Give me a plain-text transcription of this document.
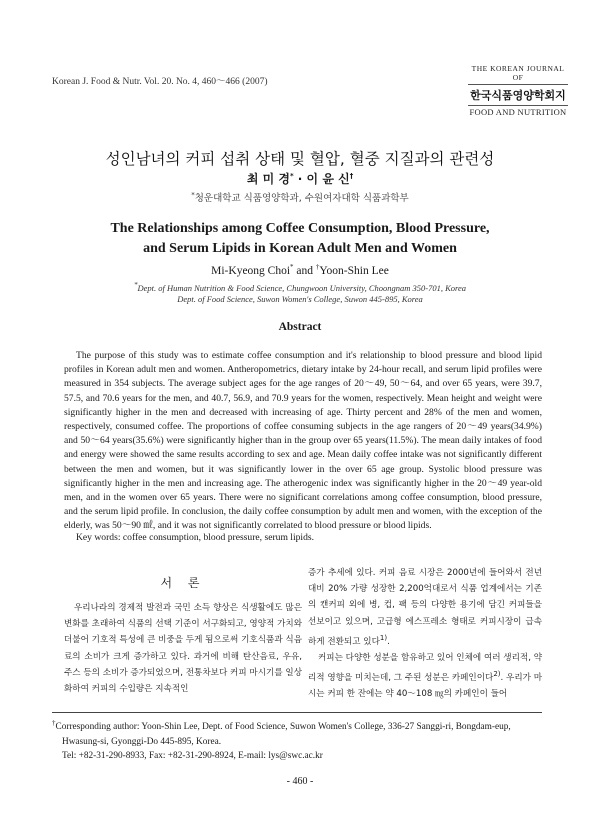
Korean J. Food & Nutr. Vol. 20. No. 4, 460～466 (2007)
THE KOREAN JOURNAL OF
한국식품영양학회지
FOOD AND NUTRITION
성인남녀의 커피 섭취 상태 및 혈압, 혈중 지질과의 관련성
최 미 경* · 이 윤 신†
*청운대학교 식품영양학과, 수원여자대학 식품과학부
The Relationships among Coffee Consumption, Blood Pressure,
and Serum Lipids in Korean Adult Men and Women
Mi-Kyeong Choi* and †Yoon-Shin Lee
*Dept. of Human Nutrition & Food Science, Chungwoon University, Choongnam 350-701, Korea
Dept. of Food Science, Suwon Women's College, Suwon 445-895, Korea
Abstract
The purpose of this study was to estimate coffee consumption and it's relationship to blood pressure and blood lipid profiles in Korean adult men and women. Antheropometrics, dietary intake by 24-hour recall, and serum lipid profiles were measured in 354 subjects. The average subject ages for the age ranges of 20～49, 50～64, and over 65 years, were 39.7, 57.5, and 70.6 years for the men, and 40.7, 56.9, and 70.9 years for the women, respectively. Mean height and weight were significantly higher in the men and decreased with increasing of age. Thirty percent and 28% of the men and women, respectively, consumed coffee. The proportions of coffee consuming subjects in the age rangers of 20～49 years(34.9%) and 50～64 years(35.6%) were significantly higher than in the group over 65 years(11.5%). The mean daily intakes of food and energy were showed the same results according to sex and age. Mean daily coffee intake was not significantly different between the men and women, but it was significantly lower in the over 65 age group. Systolic blood pressure was significantly higher in the men and increasing age. The atherogenic index was significantly higher in the 20～49 year-old men, and in the women over 65 years. There were no significant correlations among coffee consumption, blood pressure, and the serum lipid profile. In conclusion, the daily coffee consumption by adult men and women, with the exception of the elderly, was 50～90 ㎖, and it was not significantly correlated to blood pressure or blood lipids.
Key words: coffee consumption, blood pressure, serum lipids.
서 론
우리나라의 경제적 발전과 국민 소득 향상은 식생활에도 많은 변화를 초래하여 식품의 선택 기준이 서구화되고, 영양적 가치와 더불어 기호적 특성에 큰 비중을 두게 됨으로써 기호식품과 식음료의 소비가 크게 증가하고 있다. 과거에 비해 탄산음료, 우유, 주스 등의 소비가 증가되었으며, 전통차보다 커피 마시기를 일상화하여 커피의 수입량은 지속적인

증가 추세에 있다. 커피 음료 시장은 2000년에 들어와서 전년 대비 20% 가량 성장한 2,200억대로서 식품 업계에서는 기존의 캔커피 외에 병, 컵, 팩 등의 다양한 용기에 담긴 커피들을 선보이고 있으며, 고급형 에스프레소 형태로 커피시장이 급속하게 전환되고 있다$^{1)}$.

커피는 다양한 성분을 함유하고 있어 인체에 여러 생리적, 약리적 영향을 미치는데, 그 주된 성분은 카페인이다$^{2)}$. 우리가 마시는 커피 한 잔에는 약 40～108 ㎎의 카페인이 들어

†Corresponding author: Yoon-Shin Lee, Dept. of Food Science, Suwon Women's College, 336-27 Sanggi-ri, Bongdam-eup,
Hwasung-si, Gyonggi-Do 445-895, Korea.
Tel: +82-31-290-8933, Fax: +82-31-290-8924, E-mail: lys@swc.ac.kr
- 460 -
